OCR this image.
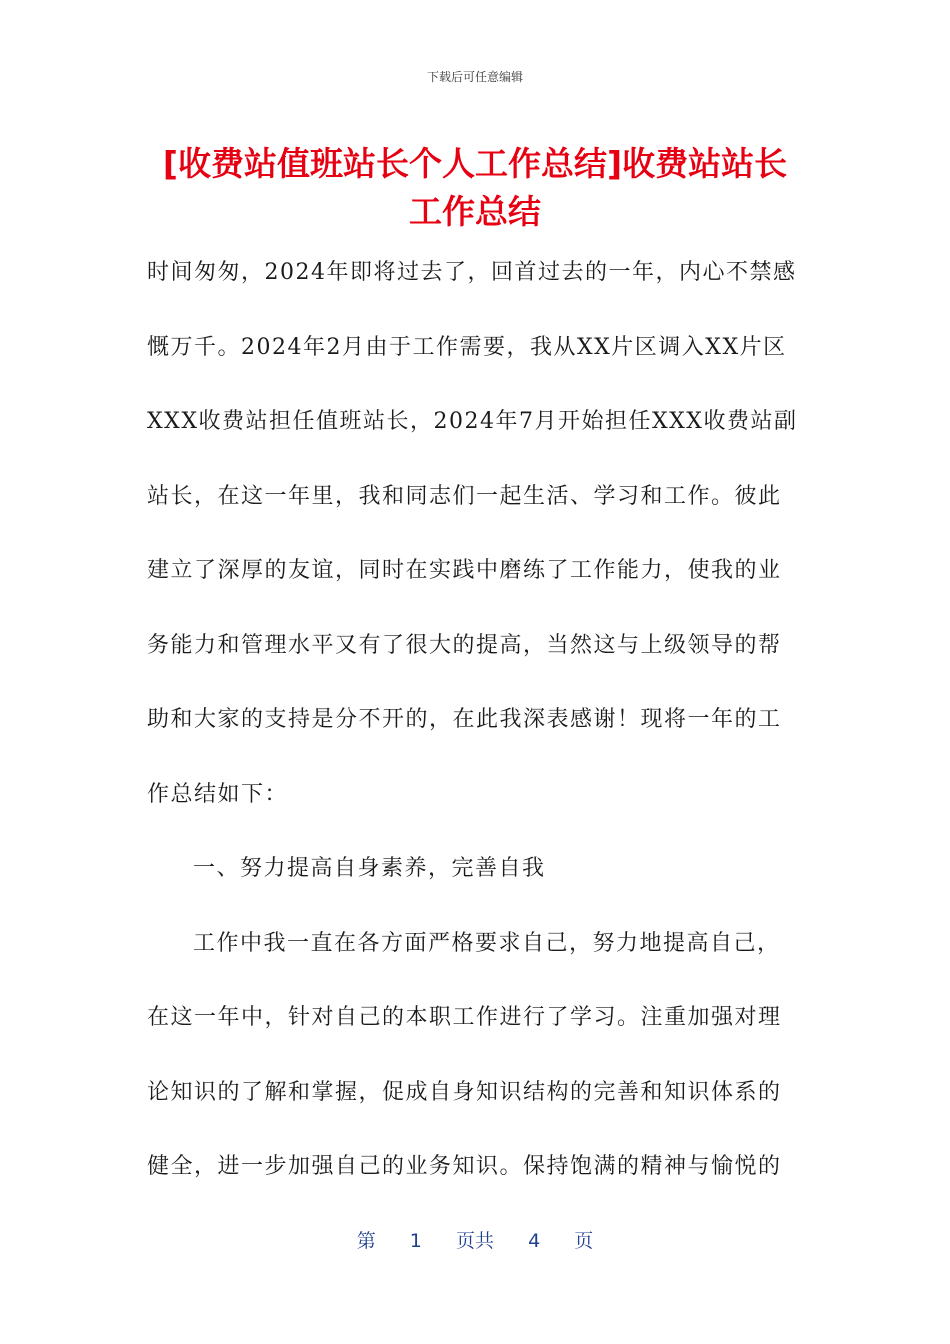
下载后可任意编辑
[收费站值班站长个人工作总结]收费站站长
工作总结
时间匆匆，2024年即将过去了，回首过去的一年，内心不禁感
慨万千。2024年2月由于工作需要，我从XX片区调入XX片区
XXX收费站担任值班站长，2024年7月开始担任XXX收费站副
站长，在这一年里，我和同志们一起生活、学习和工作。彼此
建立了深厚的友谊，同时在实践中磨练了工作能力，使我的业
务能力和管理水平又有了很大的提高，当然这与上级领导的帮
助和大家的支持是分不开的，在此我深表感谢！现将一年的工
作总结如下：
一、努力提高自身素养，完善自我
工作中我一直在各方面严格要求自己，努力地提高自己，
在这一年中，针对自己的本职工作进行了学习。注重加强对理
论知识的了解和掌握，促成自身知识结构的完善和知识体系的
健全，进一步加强自己的业务知识。保持饱满的精神与愉悦的
第 1 页共 4 页
